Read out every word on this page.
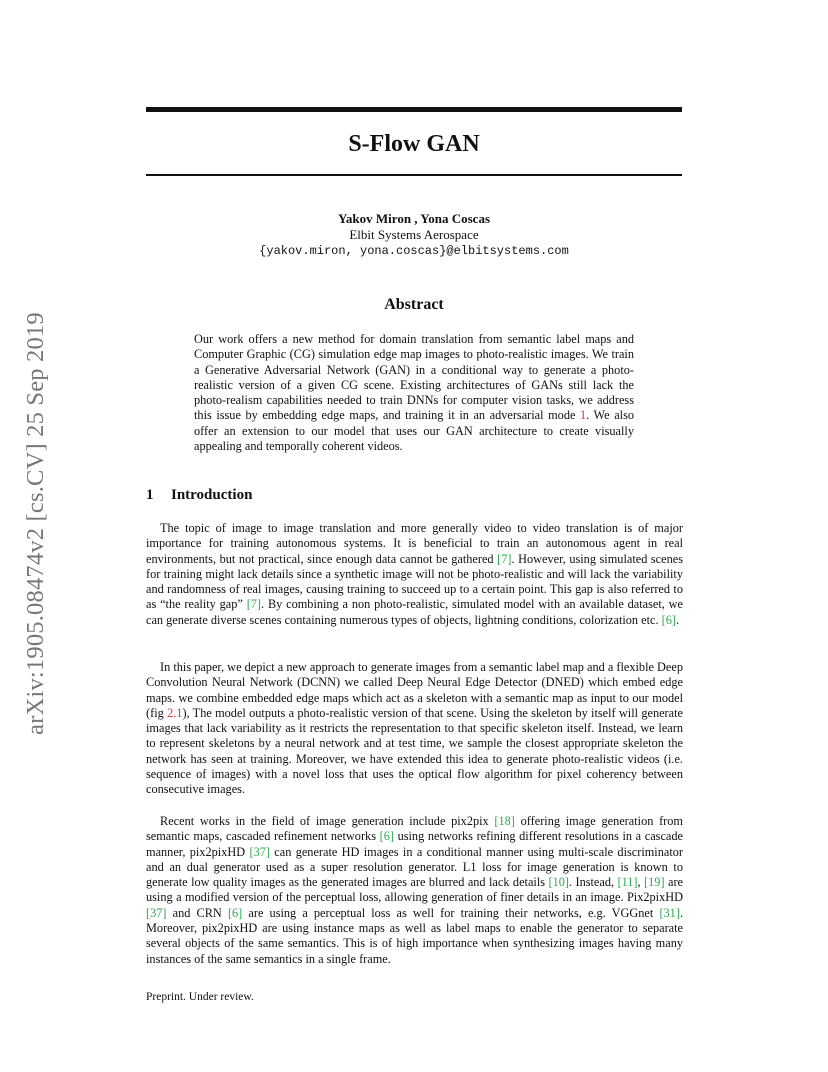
arXiv:1905.08474v2 [cs.CV] 25 Sep 2019
S-Flow GAN
Yakov Miron , Yona Coscas
Elbit Systems Aerospace
{yakov.miron, yona.coscas}@elbitsystems.com
Abstract
Our work offers a new method for domain translation from semantic label maps and Computer Graphic (CG) simulation edge map images to photo-realistic images. We train a Generative Adversarial Network (GAN) in a conditional way to generate a photo-realistic version of a given CG scene. Existing architectures of GANs still lack the photo-realism capabilities needed to train DNNs for computer vision tasks, we address this issue by embedding edge maps, and training it in an adversarial mode 1. We also offer an extension to our model that uses our GAN architecture to create visually appealing and temporally coherent videos.
1 Introduction

The topic of image to image translation and more generally video to video translation is of major importance for training autonomous systems. It is beneficial to train an autonomous agent in real environments, but not practical, since enough data cannot be gathered [7]. However, using simulated scenes for training might lack details since a synthetic image will not be photo-realistic and will lack the variability and randomness of real images, causing training to succeed up to a certain point. This gap is also referred to as “the reality gap” [7]. By combining a non photo-realistic, simulated model with an available dataset, we can generate diverse scenes containing numerous types of objects, lightning conditions, colorization etc. [6].

In this paper, we depict a new approach to generate images from a semantic label map and a flexible Deep Convolution Neural Network (DCNN) we called Deep Neural Edge Detector (DNED) which embed edge maps. we combine embedded edge maps which act as a skeleton with a semantic map as input to our model (fig 2.1), The model outputs a photo-realistic version of that scene. Using the skeleton by itself will generate images that lack variability as it restricts the representation to that specific skeleton itself. Instead, we learn to represent skeletons by a neural network and at test time, we sample the closest appropriate skeleton the network has seen at training. Moreover, we have extended this idea to generate photo-realistic videos (i.e. sequence of images) with a novel loss that uses the optical flow algorithm for pixel coherency between consecutive images.

Recent works in the field of image generation include pix2pix [18] offering image generation from semantic maps, cascaded refinement networks [6] using networks refining different resolutions in a cascade manner, pix2pixHD [37] can generate HD images in a conditional manner using multi-scale discriminator and an dual generator used as a super resolution generator. L1 loss for image generation is known to generate low quality images as the generated images are blurred and lack details [10]. Instead, [11], [19] are using a modified version of the perceptual loss, allowing generation of finer details in an image. Pix2pixHD [37] and CRN [6] are using a perceptual loss as well for training their networks, e.g. VGGnet [31]. Moreover, pix2pixHD are using instance maps as well as label maps to enable the generator to separate several objects of the same semantics. This is of high importance when synthesizing images having many instances of the same semantics in a single frame.

Preprint. Under review.
